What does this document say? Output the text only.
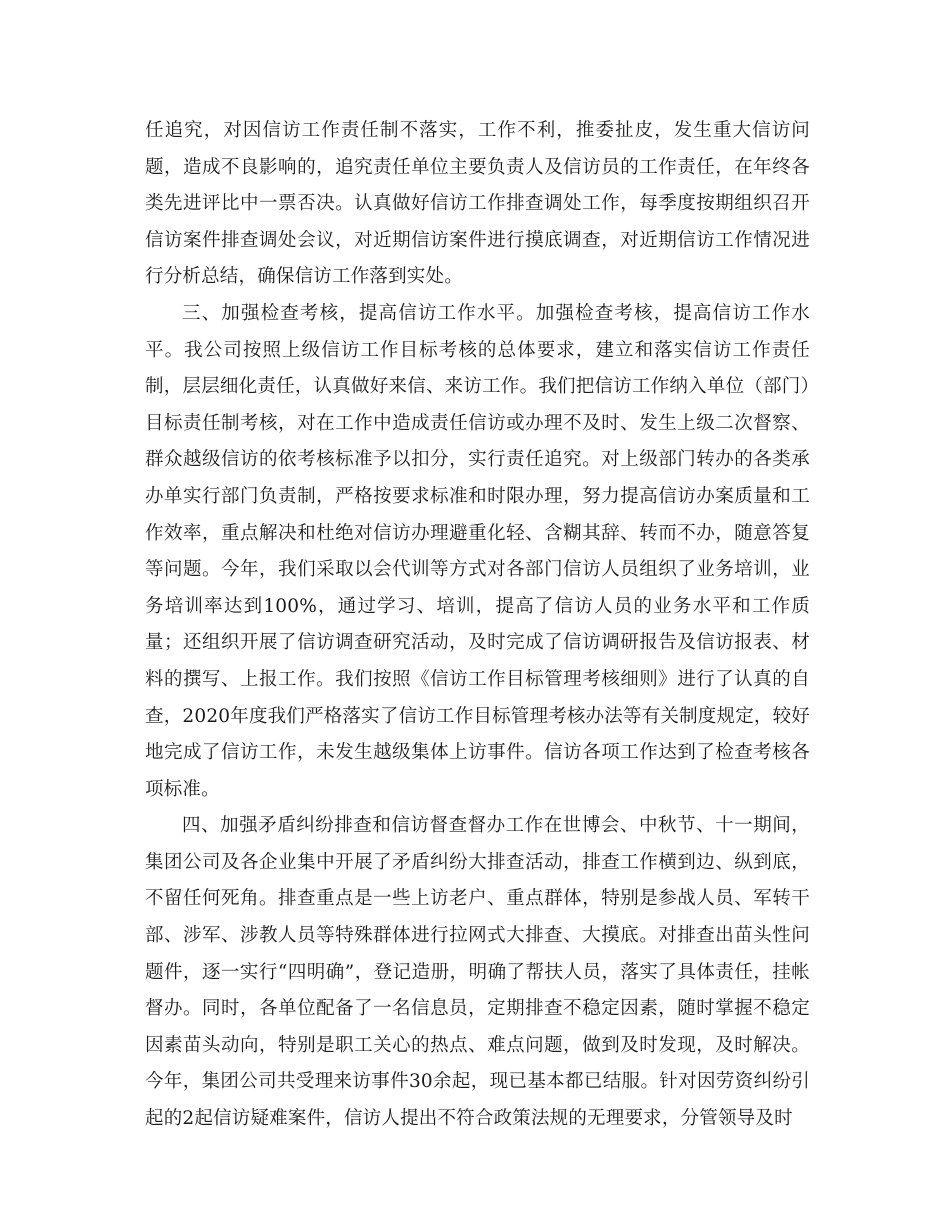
任追究，对因信访工作责任制不落实，工作不利，推委扯皮，发生重大信访问题，造成不良影响的，追究责任单位主要负责人及信访员的工作责任，在年终各类先进评比中一票否决。认真做好信访工作排查调处工作，每季度按期组织召开信访案件排查调处会议，对近期信访案件进行摸底调查，对近期信访工作情况进行分析总结，确保信访工作落到实处。

三、加强检查考核，提高信访工作水平。加强检查考核，提高信访工作水平。我公司按照上级信访工作目标考核的总体要求，建立和落实信访工作责任制，层层细化责任，认真做好来信、来访工作。我们把信访工作纳入单位（部门）目标责任制考核，对在工作中造成责任信访或办理不及时、发生上级二次督察、群众越级信访的依考核标准予以扣分，实行责任追究。对上级部门转办的各类承办单实行部门负责制，严格按要求标准和时限办理，努力提高信访办案质量和工作效率，重点解决和杜绝对信访办理避重化轻、含糊其辞、转而不办，随意答复等问题。今年，我们采取以会代训等方式对各部门信访人员组织了业务培训，业务培训率达到100%，通过学习、培训，提高了信访人员的业务水平和工作质量；还组织开展了信访调查研究活动，及时完成了信访调研报告及信访报表、材料的撰写、上报工作。我们按照《信访工作目标管理考核细则》进行了认真的自查，2020年度我们严格落实了信访工作目标管理考核办法等有关制度规定，较好地完成了信访工作，未发生越级集体上访事件。信访各项工作达到了检查考核各项标准。

四、加强矛盾纠纷排查和信访督查督办工作在世博会、中秋节、十一期间，集团公司及各企业集中开展了矛盾纠纷大排查活动，排查工作横到边、纵到底，不留任何死角。排查重点是一些上访老户、重点群体，特别是参战人员、军转干部、涉军、涉教人员等特殊群体进行拉网式大排查、大摸底。对排查出苗头性问题件，逐一实行“四明确”，登记造册，明确了帮扶人员，落实了具体责任，挂帐督办。同时，各单位配备了一名信息员，定期排查不稳定因素，随时掌握不稳定因素苗头动向，特别是职工关心的热点、难点问题，做到及时发现，及时解决。今年，集团公司共受理来访事件30余起，现已基本都已结服。针对因劳资纠纷引起的2起信访疑难案件，信访人提出不符合政策法规的无理要求，分管领导及时
